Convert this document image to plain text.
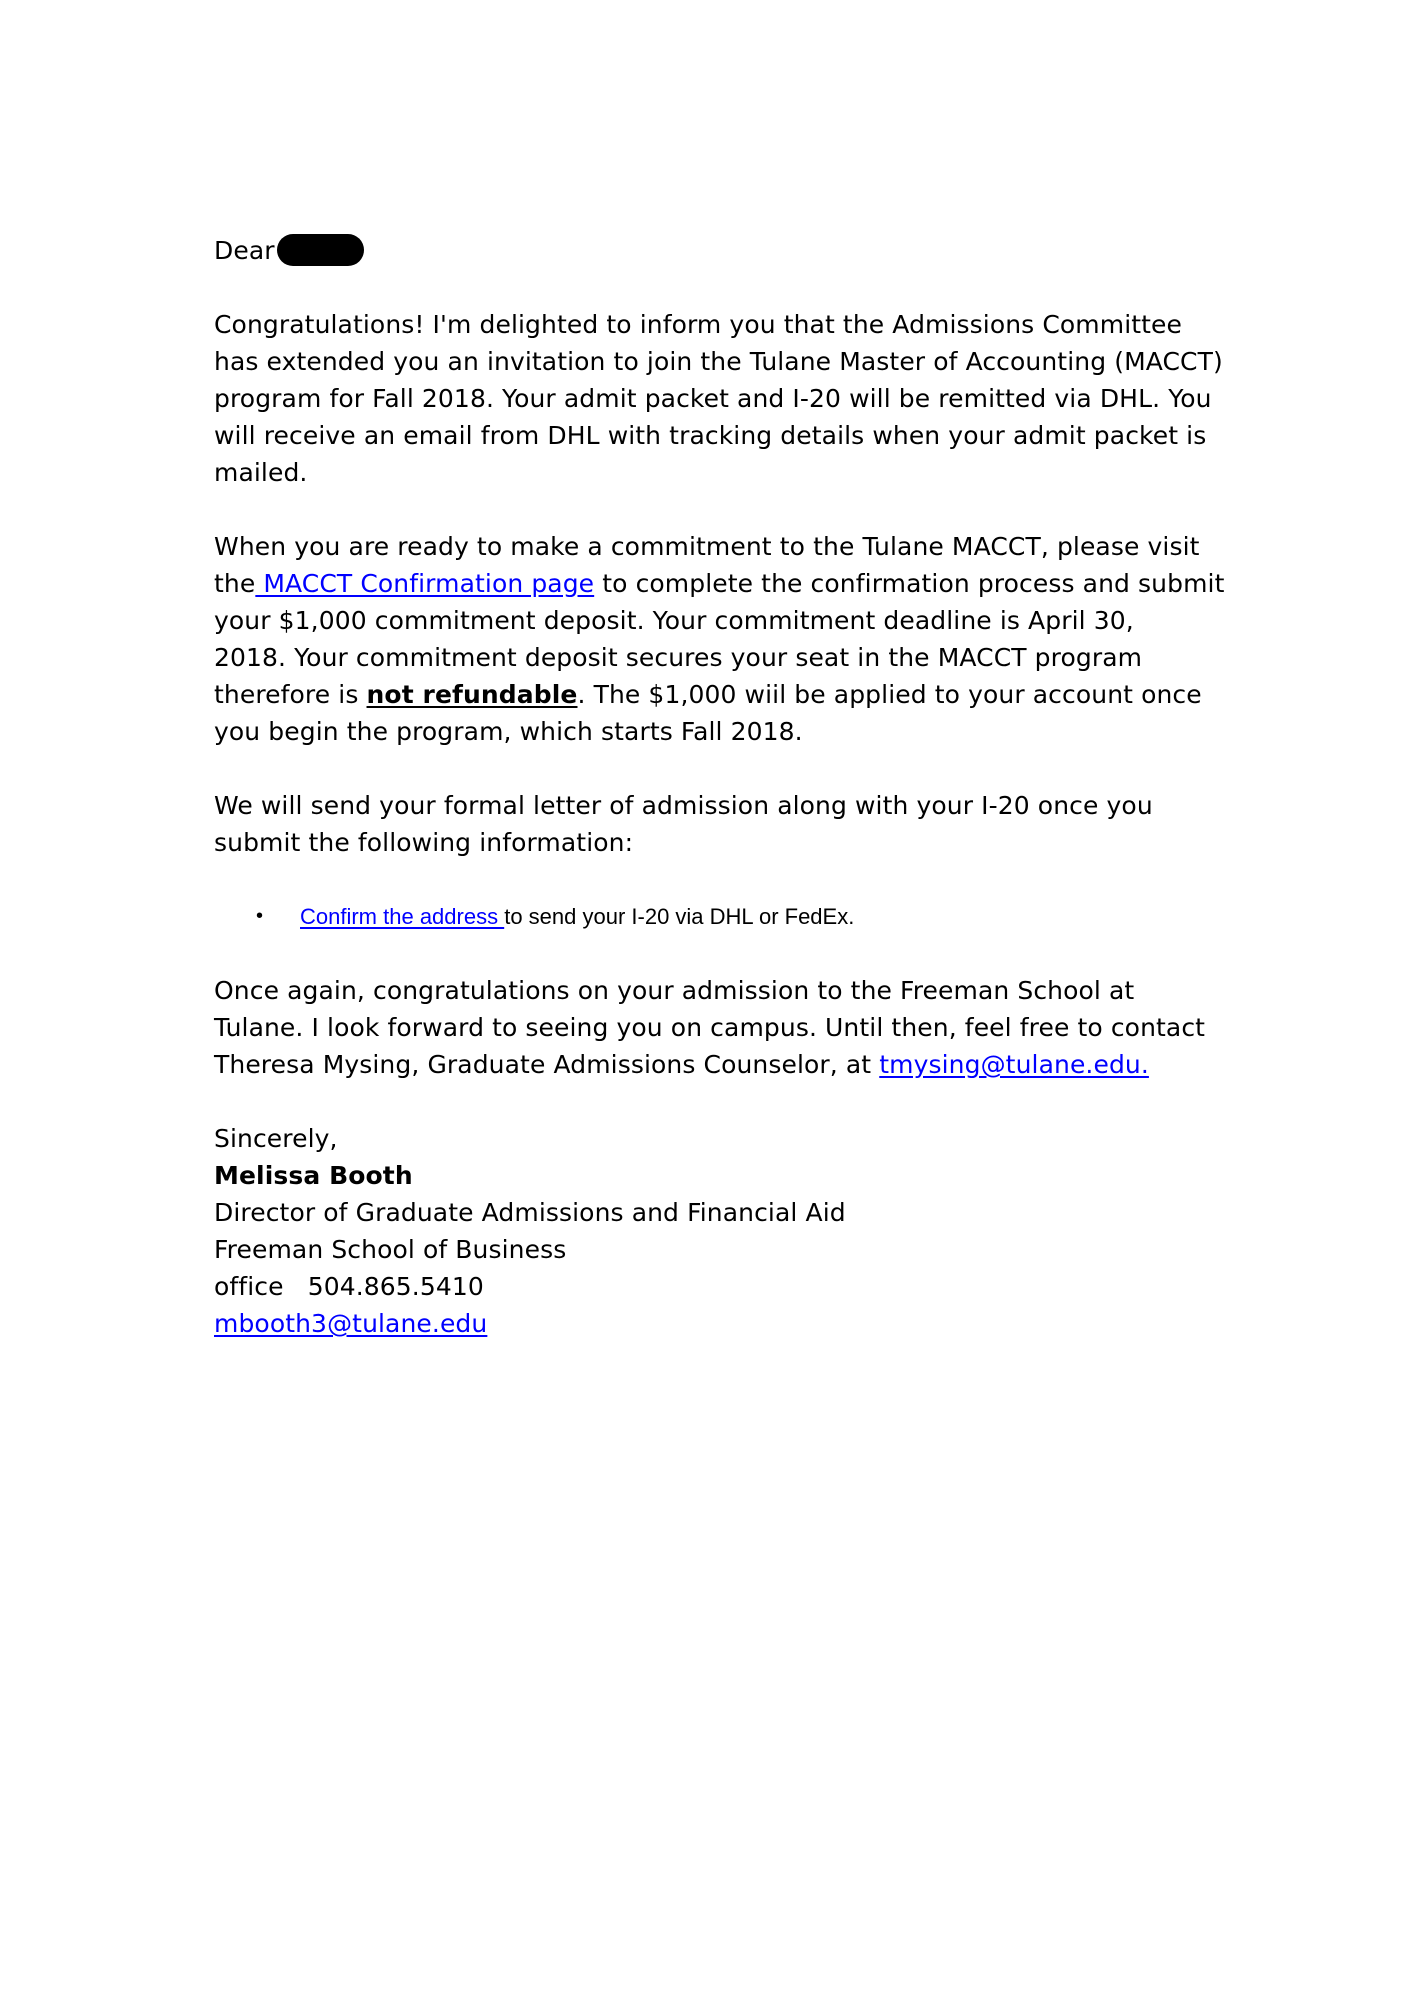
Dear
Congratulations! I'm delighted to inform you that the Admissions Committee
has extended you an invitation to join the Tulane Master of Accounting (MACCT)
program for Fall 2018. Your admit packet and I-20 will be remitted via DHL. You
will receive an email from DHL with tracking details when your admit packet is
mailed.
When you are ready to make a commitment to the Tulane MACCT, please visit
the MACCT Confirmation page to complete the confirmation process and submit
your $1,000 commitment deposit. Your commitment deadline is April 30,
2018. Your commitment deposit secures your seat in the MACCT program
therefore is not refundable. The $1,000 wiil be applied to your account once
you begin the program, which starts Fall 2018.
We will send your formal letter of admission along with your I-20 once you
submit the following information:
• Confirm the address to send your I-20 via DHL or FedEx.
Once again, congratulations on your admission to the Freeman School at
Tulane. I look forward to seeing you on campus. Until then, feel free to contact
Theresa Mysing, Graduate Admissions Counselor, at tmysing@tulane.edu.
Sincerely,
Melissa Booth
Director of Graduate Admissions and Financial Aid
Freeman School of Business
office   504.865.5410
mbooth3@tulane.edu
